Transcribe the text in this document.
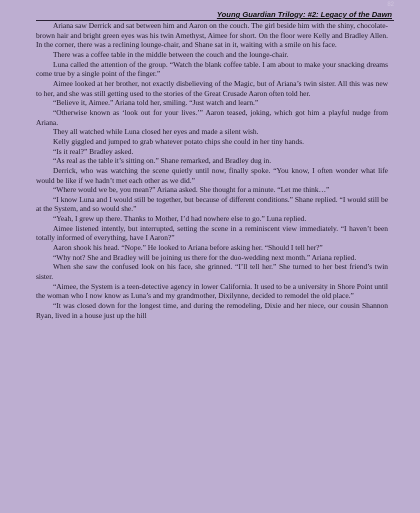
82
Young Guardian Trilogy: #2: Legacy of the Dawn

Ariana saw Derrick and sat between him and Aaron on the couch. The girl beside him with the shiny, chocolate-brown hair and bright green eyes was his twin Amethyst, Aimee for short. On the floor were Kelly and Bradley Allen. In the corner, there was a reclining lounge-chair, and Shane sat in it, waiting with a smile on his face.

There was a coffee table in the middle between the couch and the lounge-chair.

Luna called the attention of the group. “Watch the blank coffee table. I am about to make your snacking dreams come true by a single point of the finger.”

Aimee looked at her brother, not exactly disbelieving of the Magic, but of Ariana’s twin sister. All this was new to her, and she was still getting used to the stories of the Great Crusade Aaron often told her.

“Believe it, Aimee.” Ariana told her, smiling. “Just watch and learn.”

“Otherwise known as ‘look out for your lives.’” Aaron teased, joking, which got him a playful nudge from Ariana.

They all watched while Luna closed her eyes and made a silent wish.

Kelly giggled and jumped to grab whatever potato chips she could in her tiny hands.

“Is it real?” Bradley asked.

“As real as the table it’s sitting on.” Shane remarked, and Bradley dug in.

Derrick, who was watching the scene quietly until now, finally spoke. “You know, I often wonder what life would be like if we hadn’t met each other as we did.”

“Where would we be, you mean?” Ariana asked. She thought for a minute. “Let me think…”

“I know Luna and I would still be together, but because of different conditions.” Shane replied. “I would still be at the System, and so would she.”

“Yeah, I grew up there. Thanks to Mother, I’d had nowhere else to go.” Luna replied.

Aimee listened intently, but interrupted, setting the scene in a reminiscent view immediately. “I haven’t been totally informed of everything, have I Aaron?”

Aaron shook his head. “Nope.” He looked to Ariana before asking her. “Should I tell her?”

“Why not? She and Bradley will be joining us there for the duo-wedding next month.” Ariana replied.

When she saw the confused look on his face, she grinned. “I’ll tell her.” She turned to her best friend’s twin sister.

“Aimee, the System is a teen-detective agency in lower California. It used to be a university in Shore Point until the woman who I now know as Luna’s and my grandmother, Dixilynne, decided to remodel the old place.”

“It was closed down for the longest time, and during the remodeling, Dixie and her niece, our cousin Shannon Ryan, lived in a house just up the hill
